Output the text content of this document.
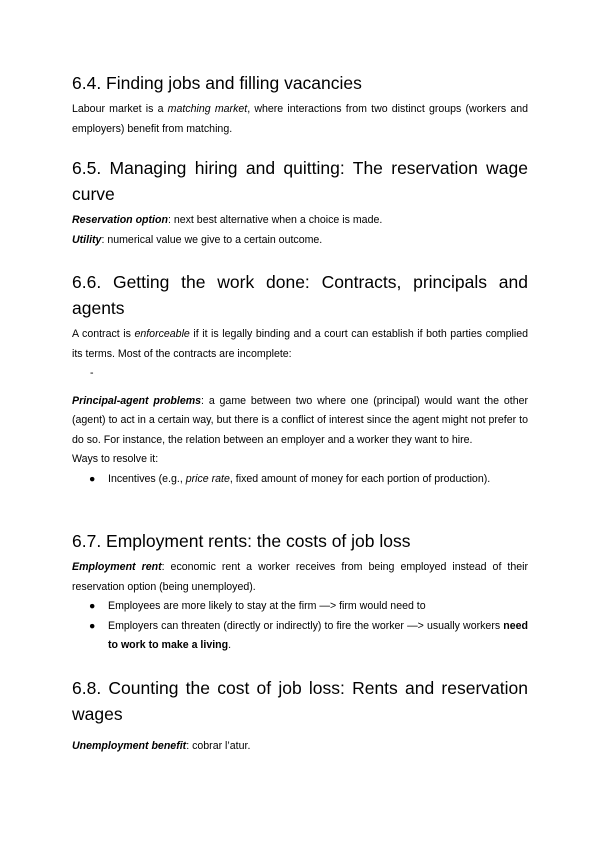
6.4. Finding jobs and filling vacancies

Labour market is a matching market, where interactions from two distinct groups (workers and employers) benefit from matching.

6.5. Managing hiring and quitting: The reservation wage curve

Reservation option: next best alternative when a choice is made.

Utility: numerical value we give to a certain outcome.

6.6. Getting the work done: Contracts, principals and agents

A contract is enforceable if it is legally binding and a court can establish if both parties complied its terms. Most of the contracts are incomplete:

-

Principal-agent problems: a game between two where one (principal) would want the other (agent) to act in a certain way, but there is a conflict of interest since the agent might not prefer to do so. For instance, the relation between an employer and a worker they want to hire.

Ways to resolve it:

● Incentives (e.g., price rate, fixed amount of money for each portion of production).
6.7. Employment rents: the costs of job loss

Employment rent: economic rent a worker receives from being employed instead of their reservation option (being unemployed).

● Employees are more likely to stay at the firm —> firm would need to
● Employers can threaten (directly or indirectly) to fire the worker —> usually workers need to work to make a living.
6.8. Counting the cost of job loss: Rents and reservation wages

Unemployment benefit: cobrar l’atur.
